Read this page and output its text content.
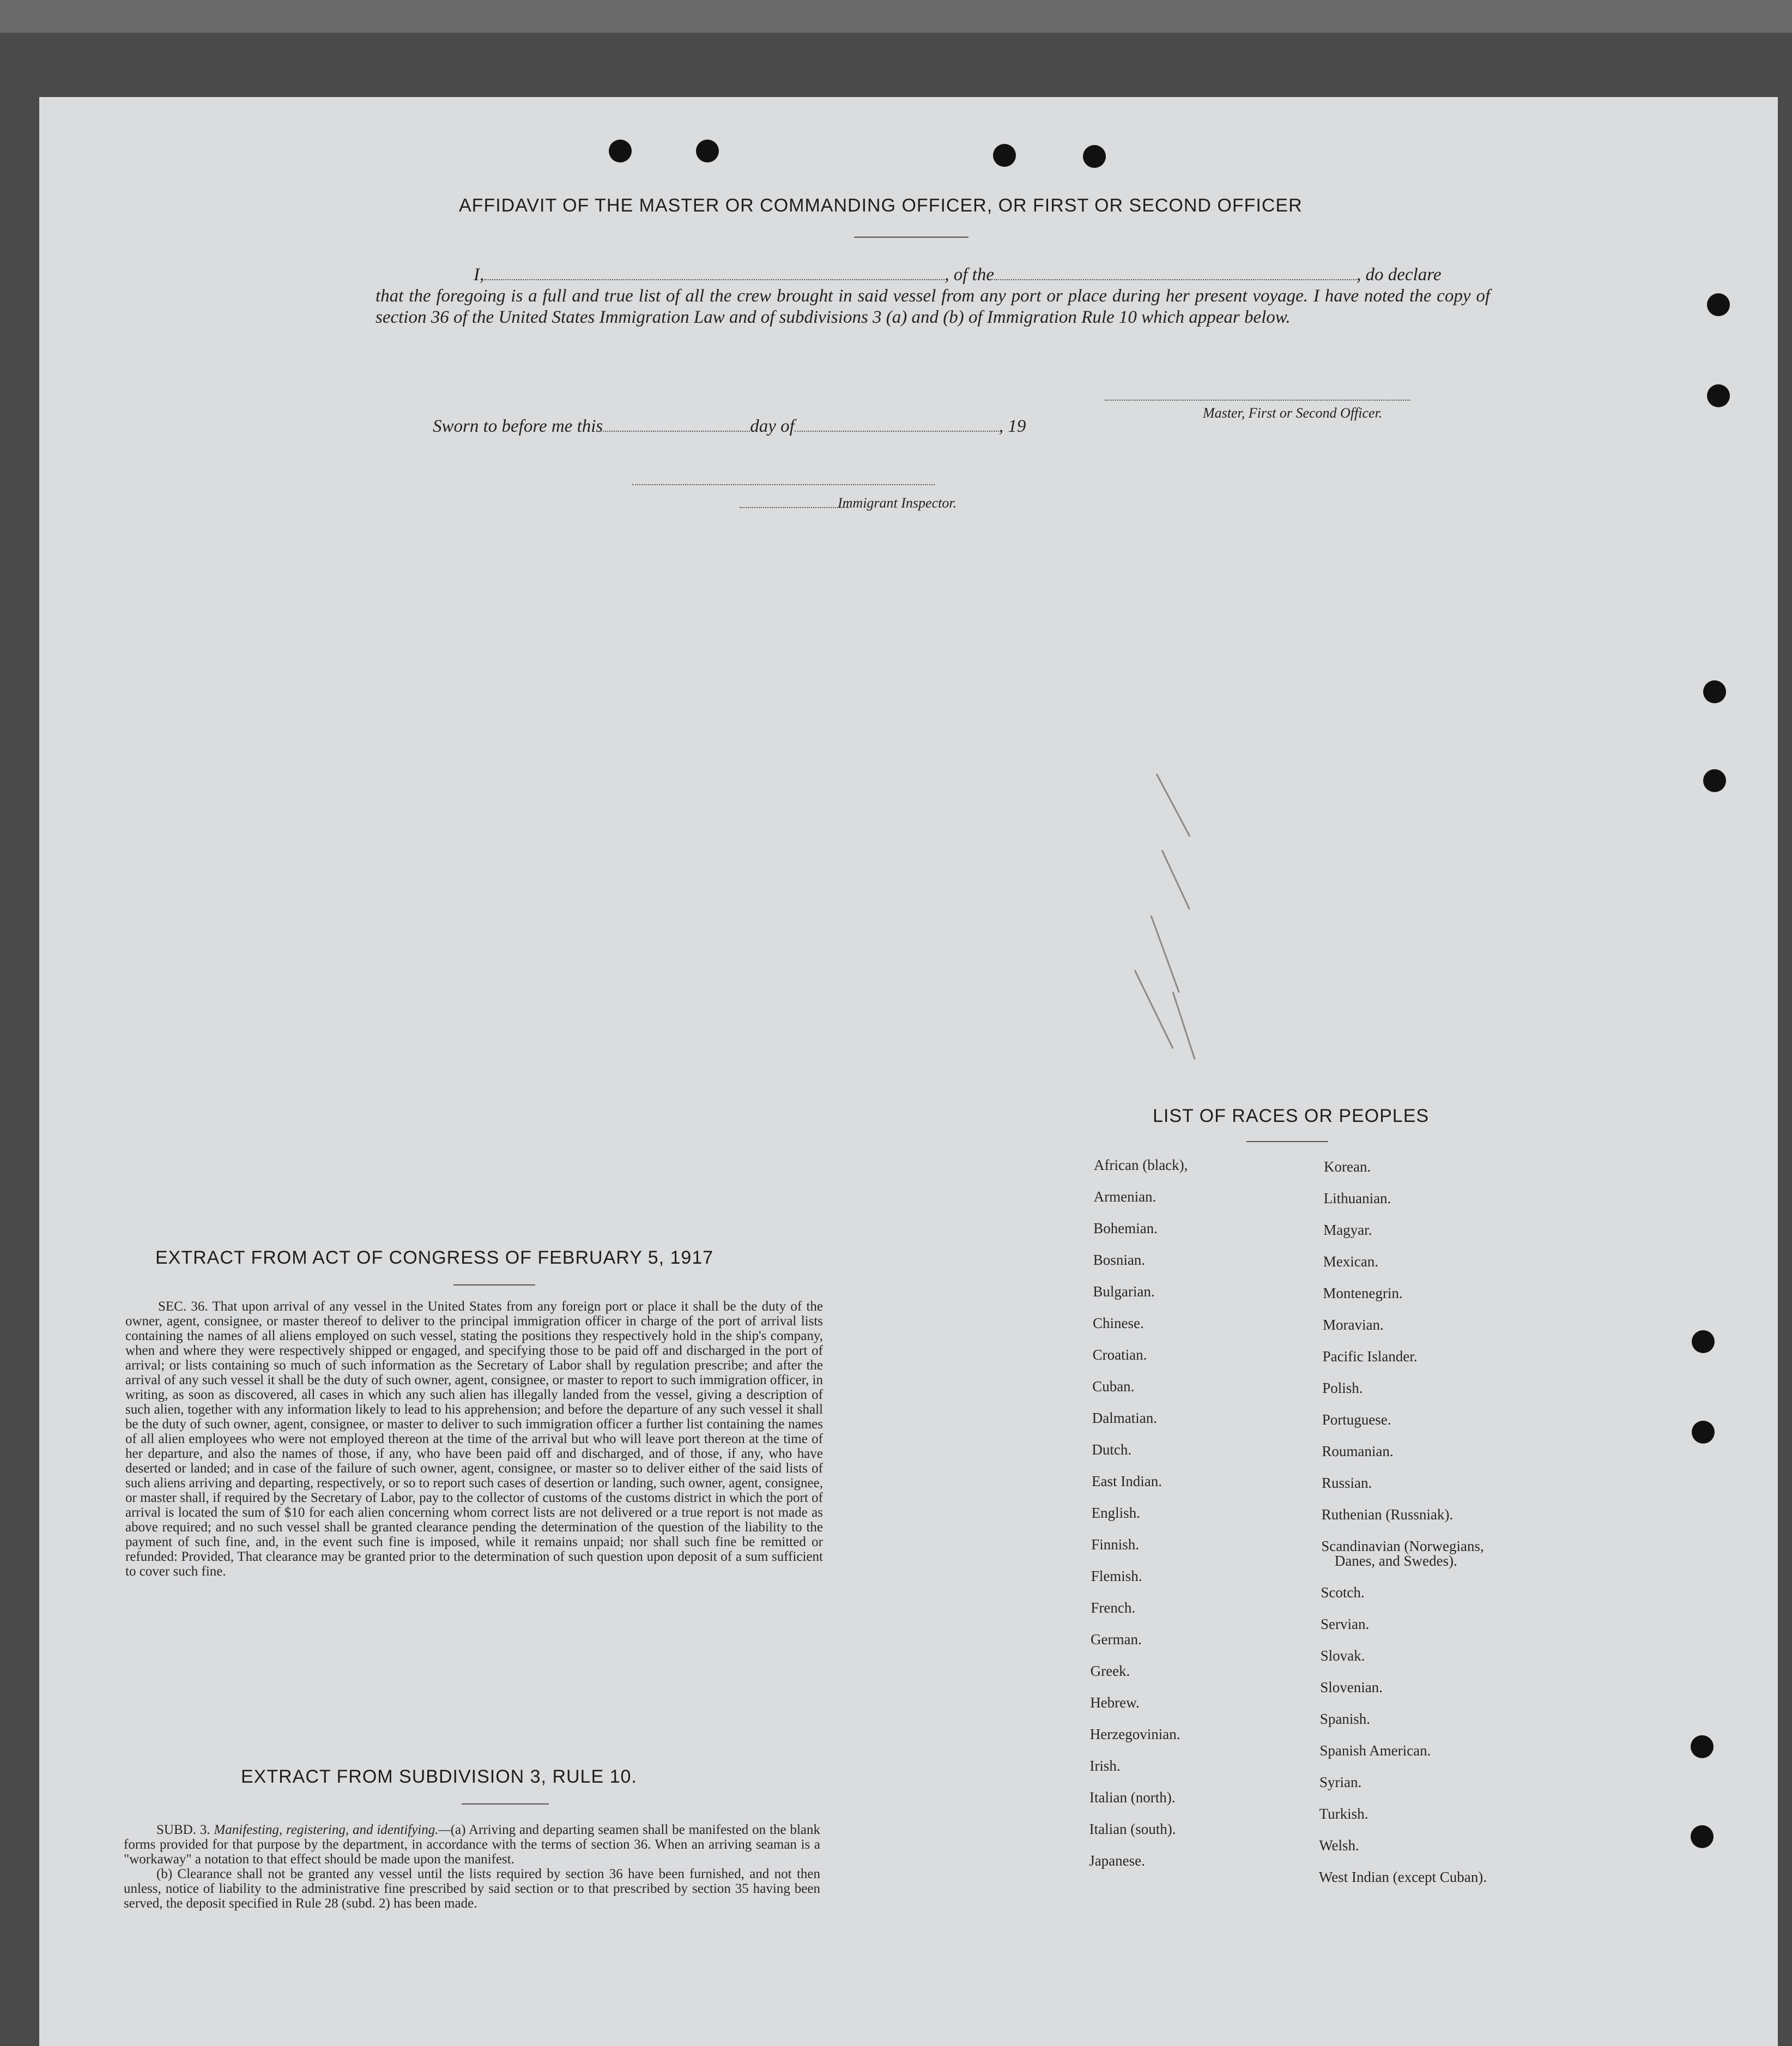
AFFIDAVIT OF THE MASTER OR COMMANDING OFFICER, OR FIRST OR SECOND OFFICER
I,	, of the	, do declare
that the foregoing is a full and true list of all the crew brought in said vessel from any port or place during her present voyage. I have noted the copy of section 36 of the United States Immigration Law and of subdivisions 3 (a) and (b) of Immigration Rule 10 which appear below.
Master, First or Second Officer.
Sworn to before me this	day of	, 19
Immigrant Inspector.
EXTRACT FROM ACT OF CONGRESS OF FEBRUARY 5, 1917

SEC. 36. That upon arrival of any vessel in the United States from any foreign port or place it shall be the duty of the owner, agent, consignee, or master thereof to deliver to the principal immigration officer in charge of the port of arrival lists containing the names of all aliens employed on such vessel, stating the positions they respectively hold in the ship's company, when and where they were respectively shipped or engaged, and specifying those to be paid off and discharged in the port of arrival; or lists containing so much of such information as the Secretary of Labor shall by regulation prescribe; and after the arrival of any such vessel it shall be the duty of such owner, agent, consignee, or master to report to such immigration officer, in writing, as soon as discovered, all cases in which any such alien has illegally landed from the vessel, giving a description of such alien, together with any information likely to lead to his apprehension; and before the departure of any such vessel it shall be the duty of such owner, agent, consignee, or master to deliver to such immigration officer a further list containing the names of all alien employees who were not employed thereon at the time of the arrival but who will leave port thereon at the time of her departure, and also the names of those, if any, who have been paid off and discharged, and of those, if any, who have deserted or landed; and in case of the failure of such owner, agent, consignee, or master so to deliver either of the said lists of such aliens arriving and departing, respectively, or so to report such cases of desertion or landing, such owner, agent, consignee, or master shall, if required by the Secretary of Labor, pay to the collector of customs of the customs district in which the port of arrival is located the sum of $10 for each alien concerning whom correct lists are not delivered or a true report is not made as above required; and no such vessel shall be granted clearance pending the determination of the question of the liability to the payment of such fine, and, in the event such fine is imposed, while it remains unpaid; nor shall such fine be remitted or refunded: Provided, That clearance may be granted prior to the determination of such question upon deposit of a sum sufficient to cover such fine.

EXTRACT FROM SUBDIVISION 3, RULE 10.

SUBD. 3. Manifesting, registering, and identifying.—(a) Arriving and departing seamen shall be manifested on the blank forms provided for that purpose by the department, in accordance with the terms of section 36. When an arriving seaman is a "workaway" a notation to that effect should be made upon the manifest.

(b) Clearance shall not be granted any vessel until the lists required by section 36 have been furnished, and not then unless, notice of liability to the administrative fine prescribed by said section or to that prescribed by section 35 having been served, the deposit specified in Rule 28 (subd. 2) has been made.

LIST OF RACES OR PEOPLES
African (black),
Armenian.
Bohemian.
Bosnian.
Bulgarian.
Chinese.
Croatian.
Cuban.
Dalmatian.
Dutch.
East Indian.
English.
Finnish.
Flemish.
French.
German.
Greek.
Hebrew.
Herzegovinian.
Irish.
Italian (north).
Italian (south).
Japanese.
Korean.
Lithuanian.
Magyar.
Mexican.
Montenegrin.
Moravian.
Pacific Islander.
Polish.
Portuguese.
Roumanian.
Russian.
Ruthenian (Russniak).
Scandinavian (Norwegians,
Danes, and Swedes).
Scotch.
Servian.
Slovak.
Slovenian.
Spanish.
Spanish American.
Syrian.
Turkish.
Welsh.
West Indian (except Cuban).
